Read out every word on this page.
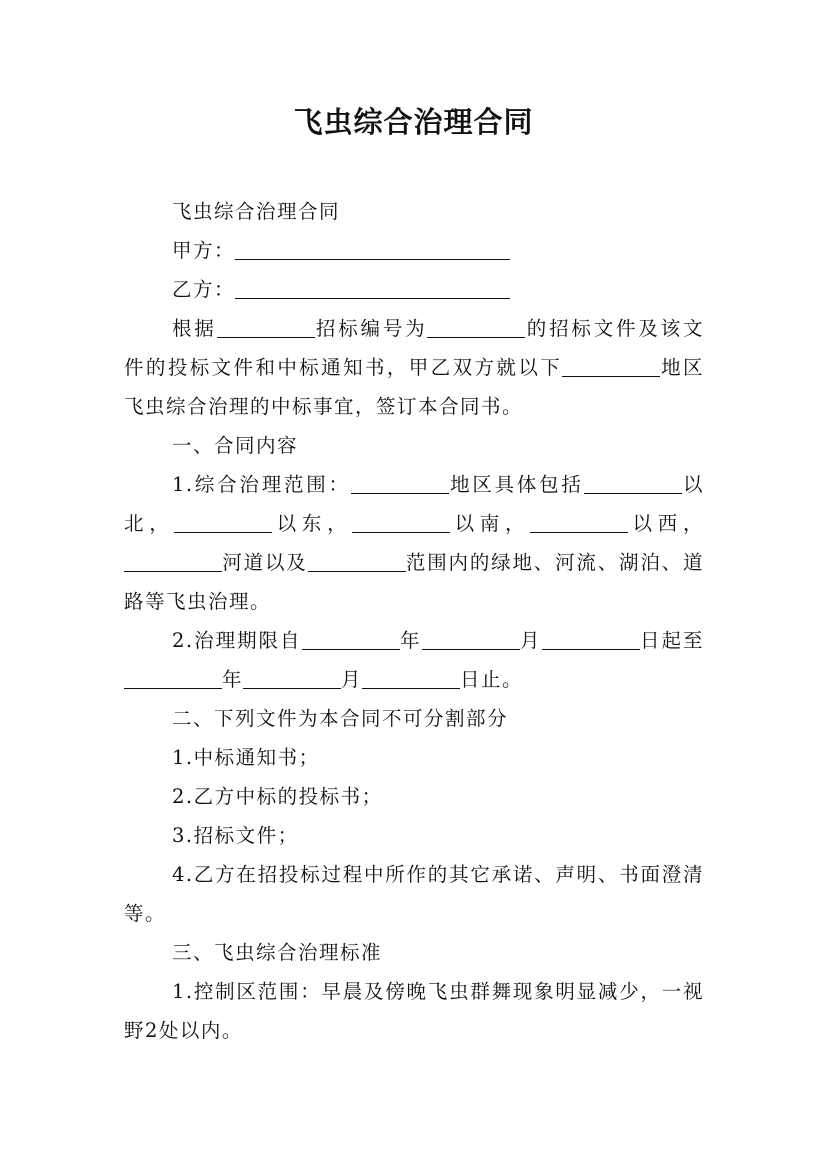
飞虫综合治理合同

飞虫综合治理合同

甲方：

乙方：

根据	招标编号为	的招标文件及该文件的投标文件和中标通知书，甲乙双方就以下	地区飞虫综合治理的中标事宜，签订本合同书。

一、合同内容

1.综合治理范围：	地区具体包括	以北，	以东，	以南，	以西，河道以及	范围内的绿地、河流、湖泊、道路等飞虫治理。

2.治理期限自	年	月	日起至年	月	日止。

二、下列文件为本合同不可分割部分

1.中标通知书；

2.乙方中标的投标书；

3.招标文件；

4.乙方在招投标过程中所作的其它承诺、声明、书面澄清等。

三、飞虫综合治理标准

1.控制区范围：早晨及傍晚飞虫群舞现象明显减少，一视野2处以内。
